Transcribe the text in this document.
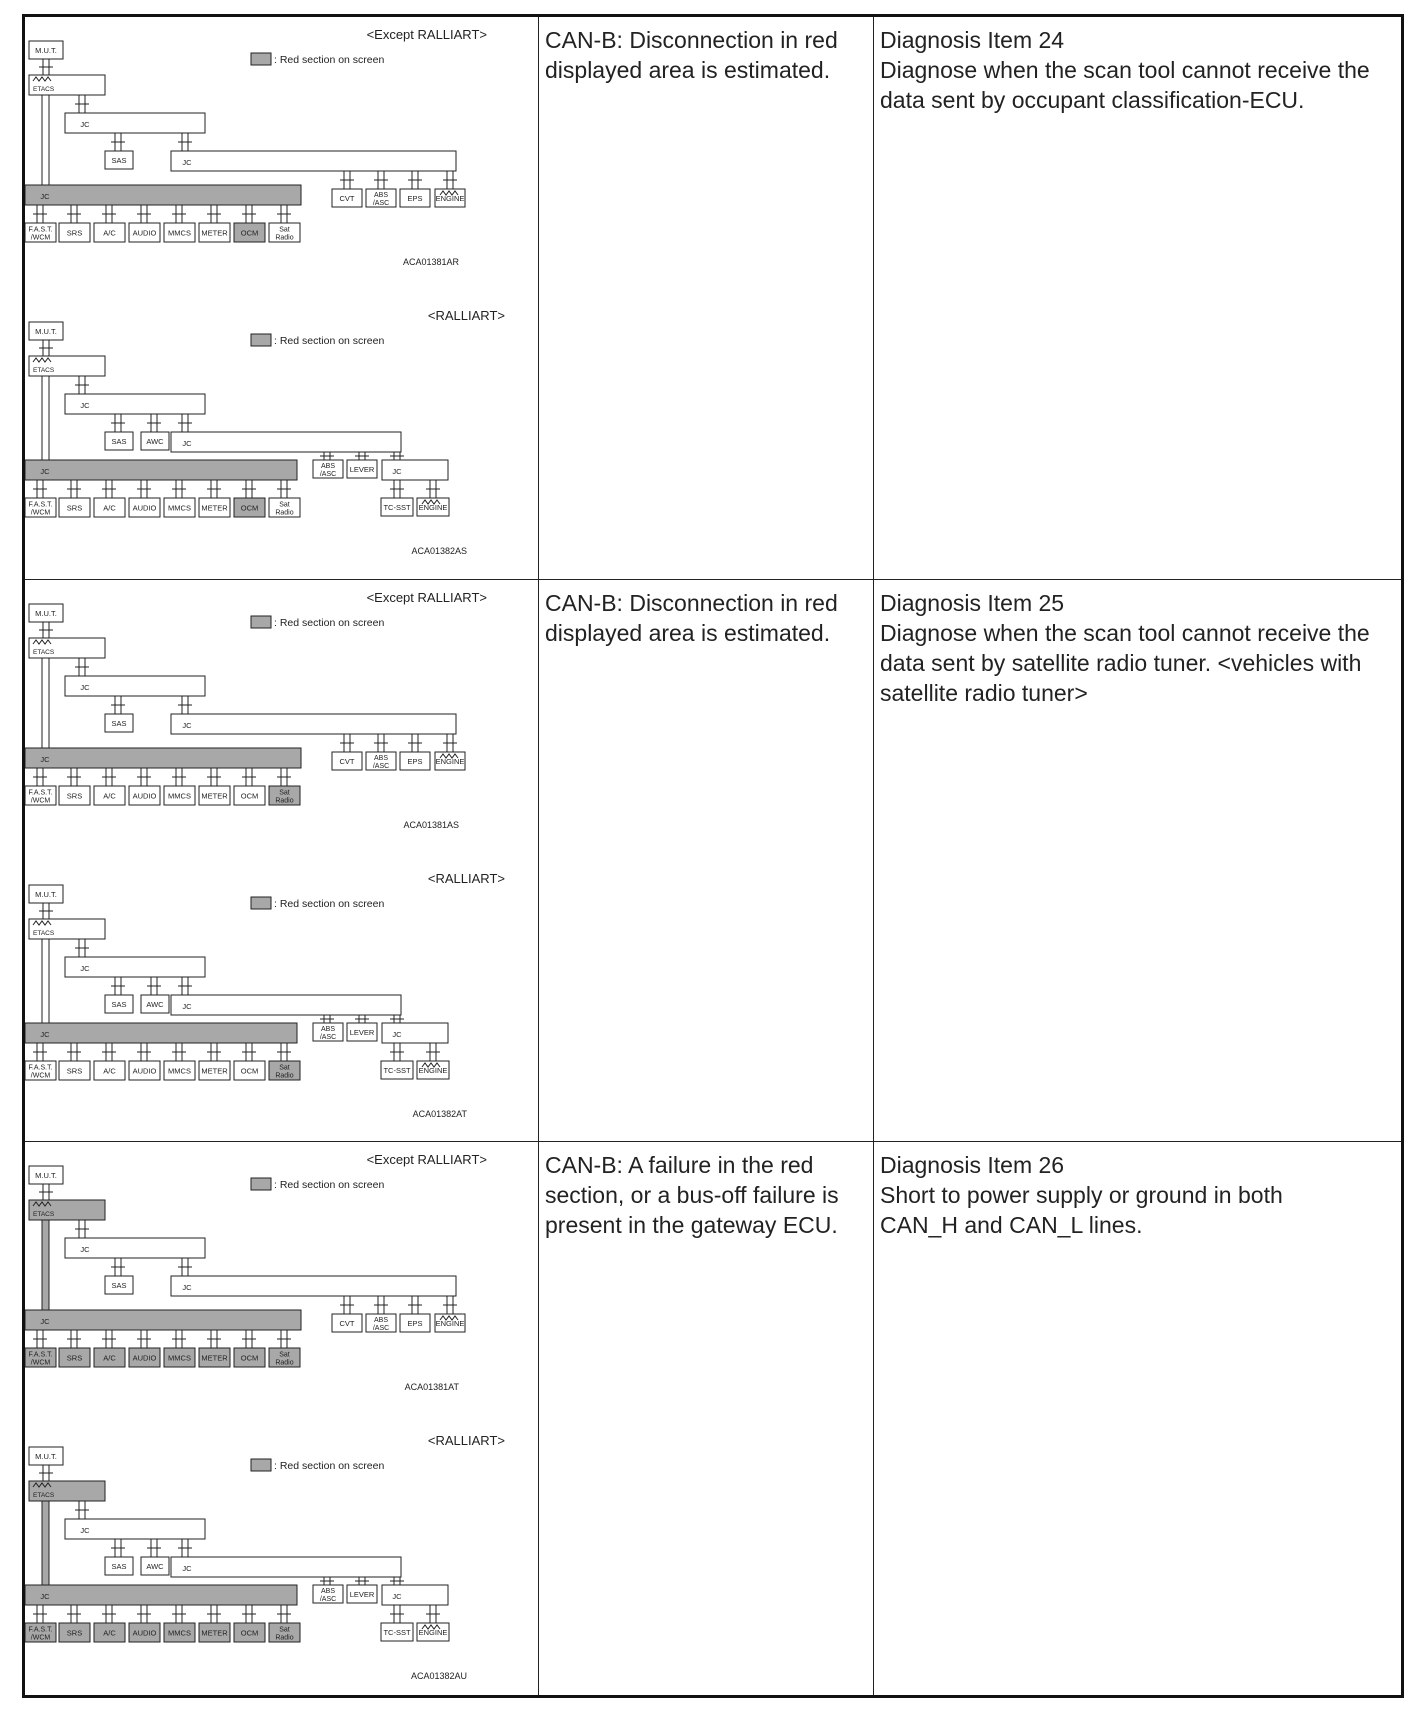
<Except RALLIART>
: Red section on screen
M.U.T.
ETACS
JC
SAS	JC
CVT	ABS
/ASC
EPS ENGINE
JC
F.A.S.T.
/WCM
SRS	A/C AUDIO MMCS METER OCM	Sat
Radio
ACA01381AR
<RALLIART>
: Red section on screen
M.U.T.
ETACS
JC
SAS	AWC	JC
ABS
/ASC
LEVER JC
TC-SST ENGINE
JC
F.A.S.T.
/WCM
SRS	A/C AUDIO MMCS METER OCM	Sat
Radio
ACA01382AS
CAN-B: Disconnection in red displayed area is estimated.
Diagnosis Item 24
Diagnose when the scan tool cannot receive the data sent by occupant classification-ECU.
<Except RALLIART>
: Red section on screen
M.U.T.
ETACS
JC
SAS	JC
CVT	ABS
/ASC
EPS ENGINE
JC
F.A.S.T.
/WCM
SRS	A/C AUDIO MMCS METER OCM	Sat
Radio
ACA01381AS
<RALLIART>
: Red section on screen
M.U.T.
ETACS
JC
SAS	AWC	JC
ABS
/ASC
LEVER JC
TC-SST ENGINE
JC
F.A.S.T.
/WCM
SRS	A/C AUDIO MMCS METER OCM	Sat
Radio
ACA01382AT
CAN-B: Disconnection in red displayed area is estimated.
Diagnosis Item 25
Diagnose when the scan tool cannot receive the data sent by satellite radio tuner. <vehicles with satellite radio tuner>
<Except RALLIART>
: Red section on screen
M.U.T.
ETACS
JC
SAS	JC
CVT	ABS
/ASC
EPS ENGINE
JC
F.A.S.T.
/WCM
SRS	A/C AUDIO MMCS METER OCM	Sat
Radio
ACA01381AT
<RALLIART>
: Red section on screen
M.U.T.
ETACS
JC
SAS	AWC	JC
ABS
/ASC
LEVER JC
TC-SST ENGINE
JC
F.A.S.T.
/WCM
SRS	A/C AUDIO MMCS METER OCM	Sat
Radio
ACA01382AU
CAN-B: A failure in the red section, or a bus-off failure is present in the gateway ECU.
Diagnosis Item 26
Short to power supply or ground in both CAN_H and CAN_L lines.
